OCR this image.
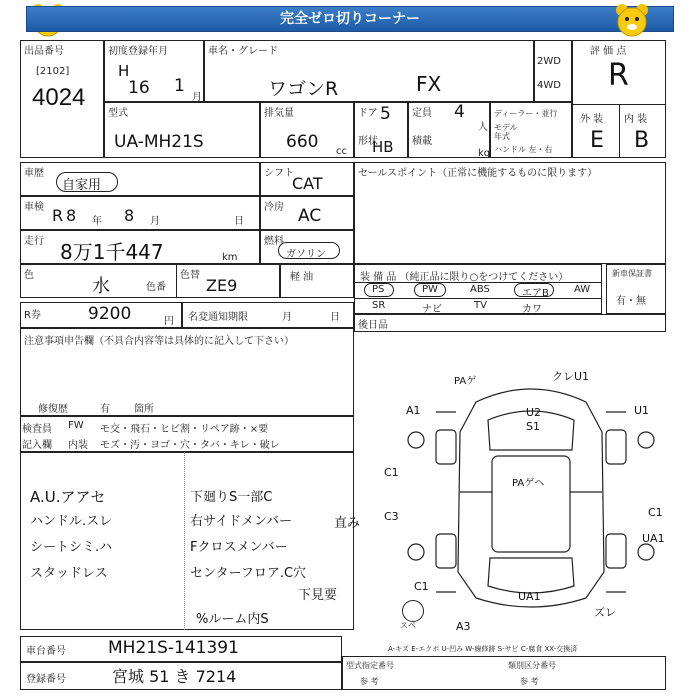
完全ゼロ切りコーナー
出品番号
[2102]
4024
初度登録年月
H
16 1
月
車名・グレード
ワゴンR	FX
2WD
4WD
評 価 点
R
外 装 内 装
E B
型式
UA-MH21S
排気量
660 cc
ドア 5
形状
HB
定員 4
人
積載
kg
ディーラー・並行
モデル
年式
ハンドル 左・右
車歴
自家用
シフト
CAT
セールスポイント（正常に機能するものに限ります）
車検 R 8 年 8 月	日
冷房 AC
走行 8万1千447	km
燃料
ガソリン
色
水	色番
色替
ZE9	軽 油	装 備 品 （純正品に限り○をつけてください）
PS	PW	ABS	エアB	AW
SR	ナビ	TV	カワ
新車保証書
有・無
R券	9200	円 名変通知期限	月	日
後日品
注意事項申告欄（不具合内容等は具体的に記入して下さい）
修復歴	有 箇所
検査員
記入欄
FW モ交・飛石・ヒビ割・リペア跡・×要
内装 モズ・汚・ヨゴ・穴・タバ・キレ・破レ
A.U.アアセ
ハンドル.スレ
シートシミ.ハ
スタッドレス
下廻りS一部C
右サイドメンバー
Fクロスメンバー
センターフロア.C穴
下見要
%ルーム内S
直み
スペ
PAゲ	クレU1
A1	U2
S1
U1
C1
PAゲヘ
C3	C1
UA1
C1
UA1
ズレ
A3
車台番号 MH21S-141391
登録番号	宮城 51 き 7214
A-キズ E-エクボ U-凹み W-線修跡 S-サビ C-腐食 XX-交換済
型式指定番号	類別区分番号
参 考	参 考
